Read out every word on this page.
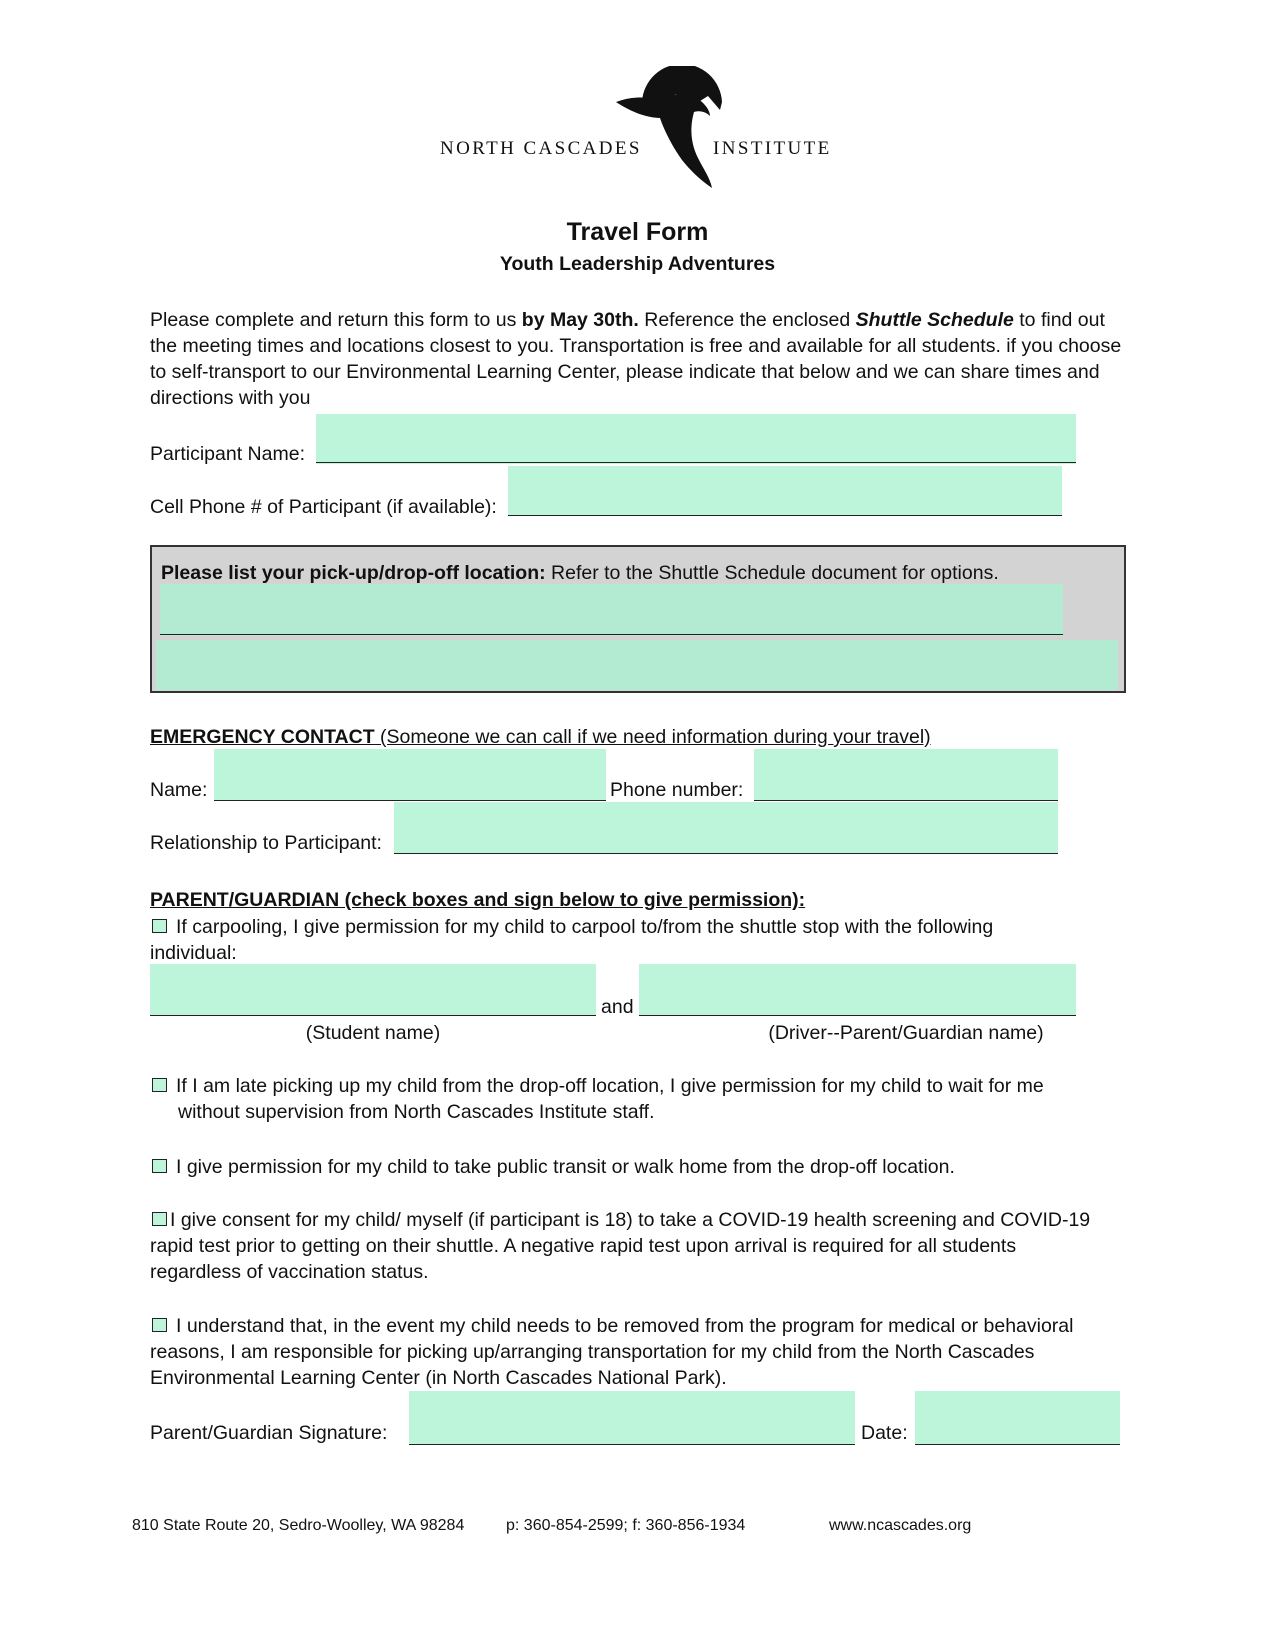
NORTH CASCADES	INSTITUTE
Travel Form
Youth Leadership Adventures
Please complete and return this form to us by May 30th. Reference the enclosed Shuttle Schedule to find out the meeting times and locations closest to you. Transportation is free and available for all students. if you choose to self-transport to our Environmental Learning Center, please indicate that below and we can share times and directions with you
Participant Name:
Cell Phone # of Participant (if available):
Please list your pick-up/drop-off location: Refer to the Shuttle Schedule document for options.
EMERGENCY CONTACT (Someone we can call if we need information during your travel)
Name:	Phone number:
Relationship to Participant:
PARENT/GUARDIAN (check boxes and sign below to give permission):
If carpooling, I give permission for my child to carpool to/from the shuttle stop with the following
individual:
and
(Student name)	(Driver--Parent/Guardian name)
If I am late picking up my child from the drop-off location, I give permission for my child to wait for me
without supervision from North Cascades Institute staff.
I give permission for my child to take public transit or walk home from the drop-off location.
I give consent for my child/ myself (if participant is 18) to take a COVID-19 health screening and COVID-19
rapid test prior to getting on their shuttle. A negative rapid test upon arrival is required for all students
regardless of vaccination status.
I understand that, in the event my child needs to be removed from the program for medical or behavioral
reasons, I am responsible for picking up/arranging transportation for my child from the North Cascades
Environmental Learning Center (in North Cascades National Park).
Parent/Guardian Signature:	Date:
810 State Route 20, Sedro-Woolley, WA 98284	p: 360-854-2599; f: 360-856-1934	www.ncascades.org
